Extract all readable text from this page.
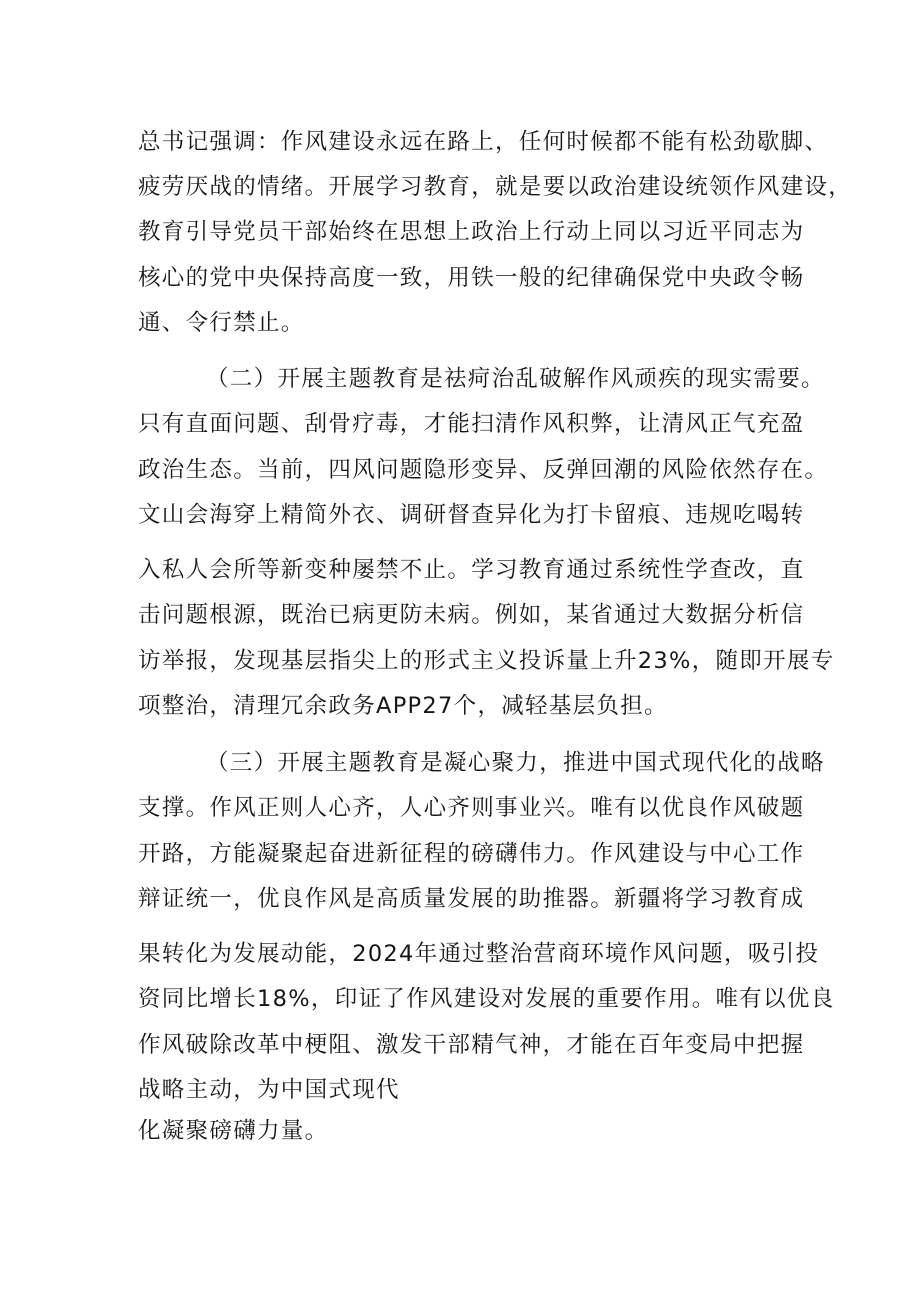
总书记强调：作风建设永远在路上，任何时候都不能有松劲歇脚、
疲劳厌战的情绪。开展学习教育，就是要以政治建设统领作风建设，
教育引导党员干部始终在思想上政治上行动上同以习近平同志为
核心的党中央保持高度一致，用铁一般的纪律确保党中央政令畅
通、令行禁止。
（二）开展主题教育是祛疴治乱破解作风顽疾的现实需要。
只有直面问题、刮骨疗毒，才能扫清作风积弊，让清风正气充盈
政治生态。当前，四风问题隐形变异、反弹回潮的风险依然存在。
文山会海穿上精简外衣、调研督查异化为打卡留痕、违规吃喝转
入私人会所等新变种屡禁不止。学习教育通过系统性学查改，直
击问题根源，既治已病更防未病。例如，某省通过大数据分析信
访举报，发现基层指尖上的形式主义投诉量上升23%，随即开展专
项整治，清理冗余政务APP27个，减轻基层负担。
（三）开展主题教育是凝心聚力，推进中国式现代化的战略
支撑。作风正则人心齐，人心齐则事业兴。唯有以优良作风破题
开路，方能凝聚起奋进新征程的磅礴伟力。作风建设与中心工作
辩证统一，优良作风是高质量发展的助推器。新疆将学习教育成
果转化为发展动能，2024年通过整治营商环境作风问题，吸引投
资同比增长18%，印证了作风建设对发展的重要作用。唯有以优良
作风破除改革中梗阻、激发干部精气神，才能在百年变局中把握
战略主动，为中国式现代
化凝聚磅礴力量。
